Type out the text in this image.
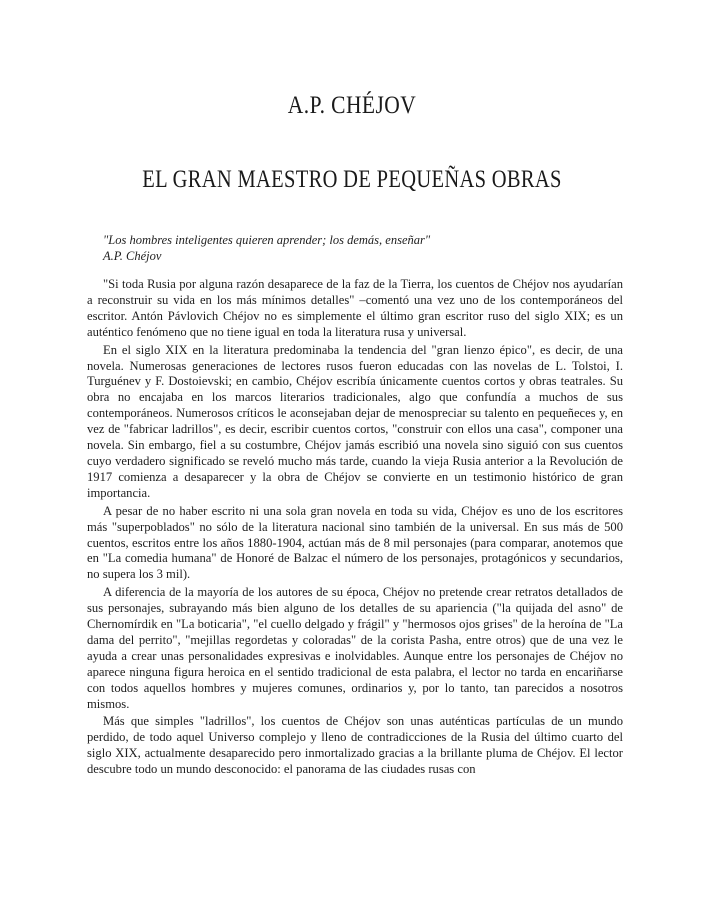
A.P. CHÉJOV
EL GRAN MAESTRO DE PEQUEÑAS OBRAS
"Los hombres inteligentes quieren aprender; los demás, enseñar"
A.P. Chéjov

"Si toda Rusia por alguna razón desaparece de la faz de la Tierra, los cuentos de Chéjov nos ayudarían a reconstruir su vida en los más mínimos detalles" –comentó una vez uno de los contemporáneos del escritor. Antón Pávlovich Chéjov no es simplemente el último gran escritor ruso del siglo XIX; es un auténtico fenómeno que no tiene igual en toda la literatura rusa y universal.

En el siglo XIX en la literatura predominaba la tendencia del "gran lienzo épico", es decir, de una novela. Numerosas generaciones de lectores rusos fueron educadas con las novelas de L. Tolstoi, I. Turguénev y F. Dostoievski; en cambio, Chéjov escribía únicamente cuentos cortos y obras teatrales. Su obra no encajaba en los marcos literarios tradicionales, algo que confundía a muchos de sus contemporáneos. Numerosos críticos le aconsejaban dejar de menospreciar su talento en pequeñeces y, en vez de "fabricar ladrillos", es decir, escribir cuentos cortos, "construir con ellos una casa", componer una novela. Sin embargo, fiel a su costumbre, Chéjov jamás escribió una novela sino siguió con sus cuentos cuyo verdadero significado se reveló mucho más tarde, cuando la vieja Rusia anterior a la Revolución de 1917 comienza a desaparecer y la obra de Chéjov se convierte en un testimonio histórico de gran importancia.

A pesar de no haber escrito ni una sola gran novela en toda su vida, Chéjov es uno de los escritores más "superpoblados" no sólo de la literatura nacional sino también de la universal. En sus más de 500 cuentos, escritos entre los años 1880-1904, actúan más de 8 mil personajes (para comparar, anotemos que en "La comedia humana" de Honoré de Balzac el número de los personajes, protagónicos y secundarios, no supera los 3 mil).

A diferencia de la mayoría de los autores de su época, Chéjov no pretende crear retratos detallados de sus personajes, subrayando más bien alguno de los detalles de su apariencia ("la quijada del asno" de Chernomírdik en "La boticaria", "el cuello delgado y frágil" y "hermosos ojos grises" de la heroína de "La dama del perrito", "mejillas regordetas y coloradas" de la corista Pasha, entre otros) que de una vez le ayuda a crear unas personalidades expresivas e inolvidables. Aunque entre los personajes de Chéjov no aparece ninguna figura heroica en el sentido tradicional de esta palabra, el lector no tarda en encariñarse con todos aquellos hombres y mujeres comunes, ordinarios y, por lo tanto, tan parecidos a nosotros mismos.

Más que simples "ladrillos", los cuentos de Chéjov son unas auténticas partículas de un mundo perdido, de todo aquel Universo complejo y lleno de contradicciones de la Rusia del último cuarto del siglo XIX, actualmente desaparecido pero inmortalizado gracias a la brillante pluma de Chéjov. El lector descubre todo un mundo desconocido: el panorama de las ciudades rusas con
